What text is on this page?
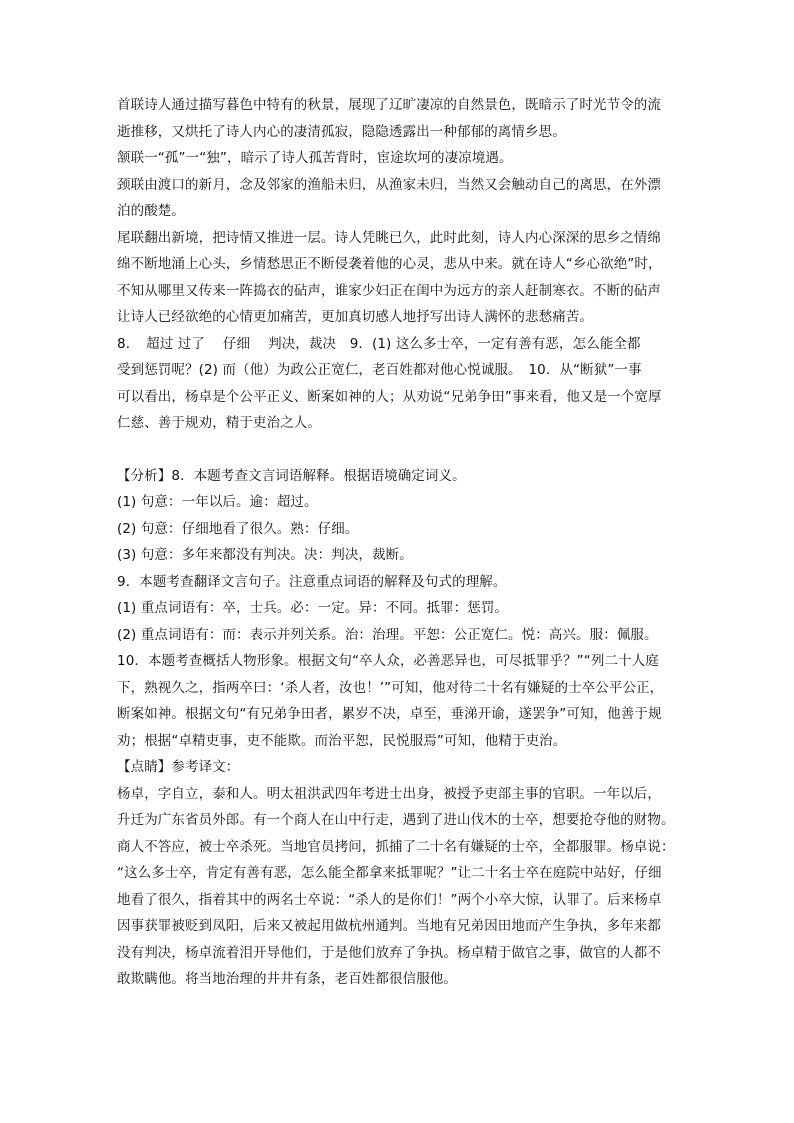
首联诗人通过描写暮色中特有的秋景，展现了辽旷凄凉的自然景色，既暗示了时光节令的流
逝推移，又烘托了诗人内心的凄清孤寂，隐隐透露出一种郁郁的离情乡思。
颔联一“孤”一“独”，暗示了诗人孤苦背时，宦途坎坷的凄凉境遇。
颈联由渡口的新月，念及邻家的渔船未归，从渔家未归，当然又会触动自己的离思，在外漂
泊的酸楚。
尾联翻出新境，把诗情又推进一层。诗人凭眺已久，此时此刻，诗人内心深深的思乡之情绵
绵不断地涌上心头，乡情愁思正不断侵袭着他的心灵，悲从中来。就在诗人“乡心欲绝”时，
不知从哪里又传来一阵捣衣的砧声，谁家少妇正在闺中为远方的亲人赶制寒衣。不断的砧声
让诗人已经欲绝的心情更加痛苦，更加真切感人地抒写出诗人满怀的悲愁痛苦。
8．　超过 过了　 仔细　 判决，裁决　9．(1) 这么多士卒，一定有善有恶，怎么能全都
受到惩罚呢？(2) 而（他）为政公正宽仁，老百姓都对他心悦诚服。　10．从“断狱”一事
可以看出，杨卓是个公平正义、断案如神的人；从劝说“兄弟争田”事来看，他又是一个宽厚
仁慈、善于规劝，精于吏治之人。
【分析】8．本题考查文言词语解释。根据语境确定词义。
(1) 句意：一年以后。逾：超过。
(2) 句意：仔细地看了很久。熟：仔细。
(3) 句意：多年来都没有判决。决：判决，裁断。
9．本题考查翻译文言句子。注意重点词语的解释及句式的理解。
(1) 重点词语有：卒，士兵。必：一定。异：不同。抵罪：惩罚。
(2) 重点词语有：而：表示并列关系。治：治理。平恕：公正宽仁。悦：高兴。服：佩服。
10．本题考查概括人物形象。根据文句“卒人众，必善恶异也，可尽抵罪乎？”“列二十人庭
下，熟视久之，指两卒曰：‘杀人者，汝也！’”可知，他对待二十名有嫌疑的士卒公平公正，
断案如神。根据文句“有兄弟争田者，累岁不决，卓至，垂涕开谕，遂罢争”可知，他善于规
劝；根据“卓精吏事，吏不能欺。而治平恕，民悦服焉”可知，他精于吏治。
【点睛】参考译文：
杨卓，字自立，泰和人。明太祖洪武四年考进士出身，被授予吏部主事的官职。一年以后，
升迁为广东省员外郎。有一个商人在山中行走，遇到了进山伐木的士卒，想要抢夺他的财物。
商人不答应，被士卒杀死。当地官员拷问，抓捕了二十名有嫌疑的士卒，全都服罪。杨卓说：
“这么多士卒，肯定有善有恶，怎么能全都拿来抵罪呢？”让二十名士卒在庭院中站好，仔细
地看了很久，指着其中的两名士卒说：“杀人的是你们！”两个小卒大惊，认罪了。后来杨卓
因事获罪被贬到凤阳，后来又被起用做杭州通判。当地有兄弟因田地而产生争执，多年来都
没有判决，杨卓流着泪开导他们，于是他们放弃了争执。杨卓精于做官之事，做官的人都不
敢欺瞒他。将当地治理的井井有条，老百姓都很信服他。
